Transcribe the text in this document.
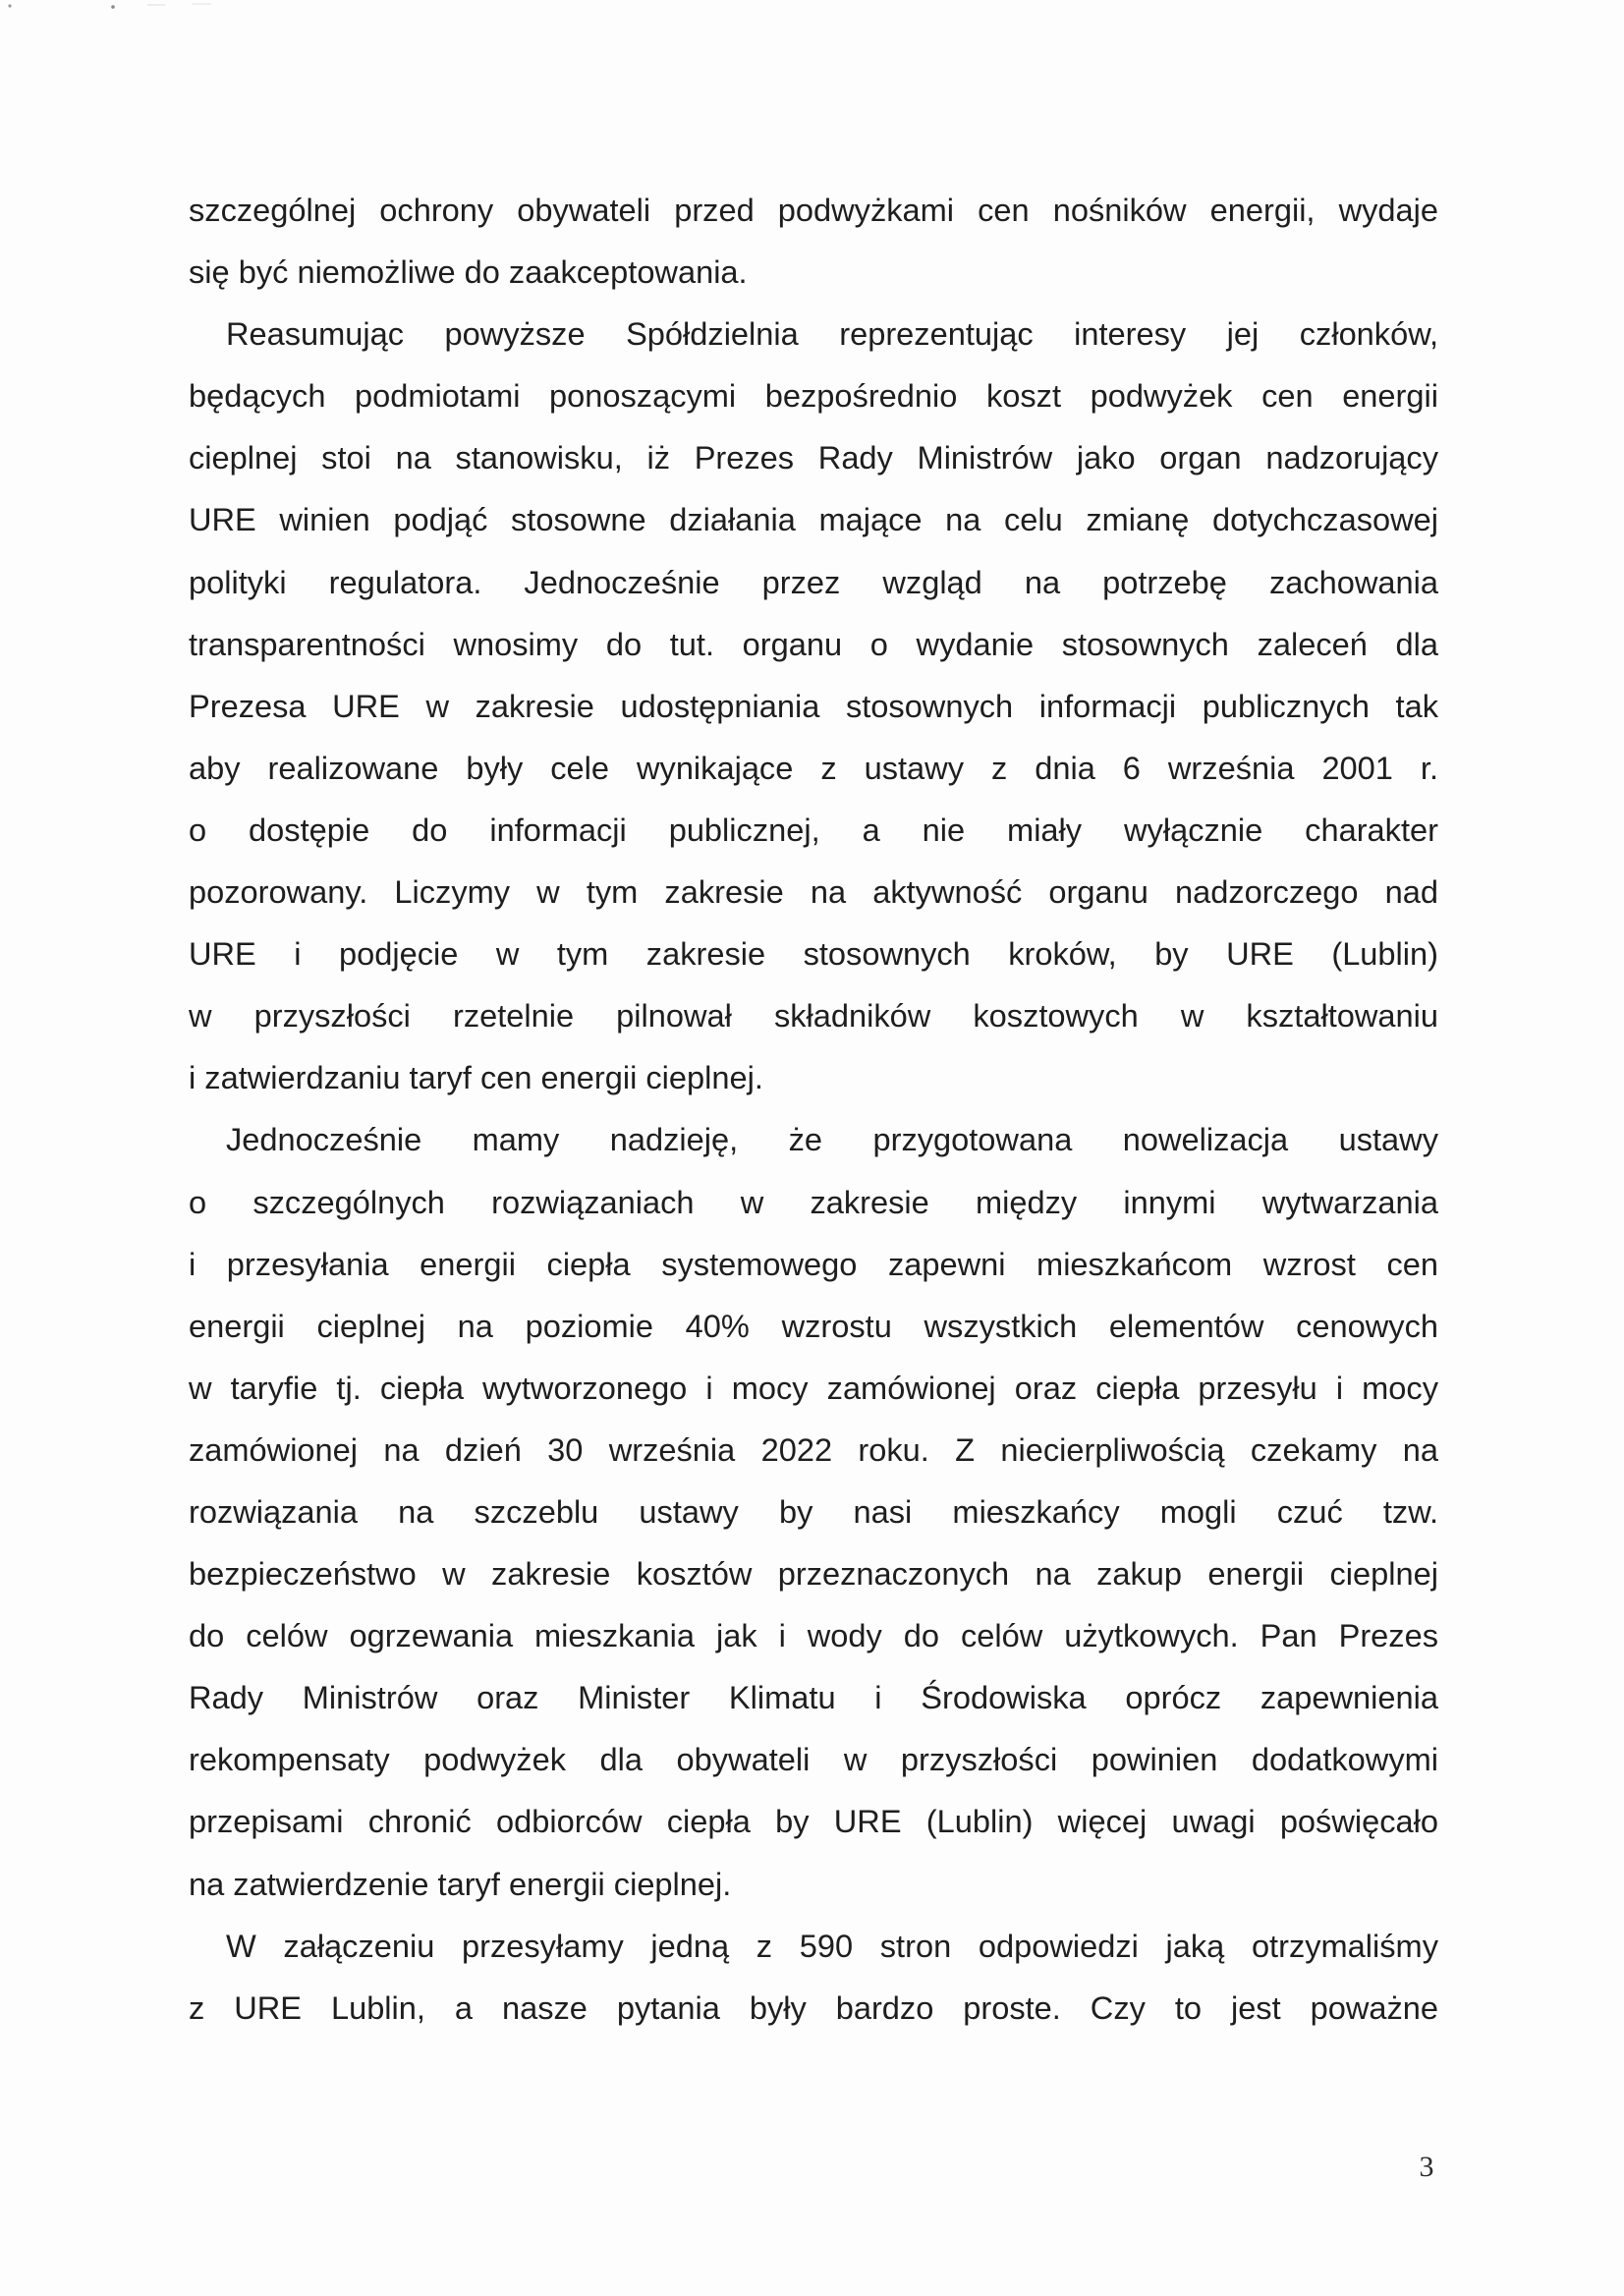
szczególnej ochrony obywateli przed podwyżkami cen nośników energii, wydaje
się być niemożliwe do zaakceptowania.
Reasumując powyższe Spółdzielnia reprezentując interesy jej członków,
będących podmiotami ponoszącymi bezpośrednio koszt podwyżek cen energii
cieplnej stoi na stanowisku, iż Prezes Rady Ministrów jako organ nadzorujący
URE winien podjąć stosowne działania mające na celu zmianę dotychczasowej
polityki regulatora. Jednocześnie przez wzgląd na potrzebę zachowania
transparentności wnosimy do tut. organu o wydanie stosownych zaleceń dla
Prezesa URE w zakresie udostępniania stosownych informacji publicznych tak
aby realizowane były cele wynikające z ustawy z dnia 6 września 2001 r.
o dostępie do informacji publicznej, a nie miały wyłącznie charakter
pozorowany. Liczymy w tym zakresie na aktywność organu nadzorczego nad
URE i podjęcie w tym zakresie stosownych kroków, by URE (Lublin)
w przyszłości rzetelnie pilnował składników kosztowych w kształtowaniu
i zatwierdzaniu taryf cen energii cieplnej.
Jednocześnie mamy nadzieję, że przygotowana nowelizacja ustawy
o szczególnych rozwiązaniach w zakresie między innymi wytwarzania
i przesyłania energii ciepła systemowego zapewni mieszkańcom wzrost cen
energii cieplnej na poziomie 40% wzrostu wszystkich elementów cenowych
w taryfie tj. ciepła wytworzonego i mocy zamówionej oraz ciepła przesyłu i mocy
zamówionej na dzień 30 września 2022 roku. Z niecierpliwością czekamy na
rozwiązania na szczeblu ustawy by nasi mieszkańcy mogli czuć tzw.
bezpieczeństwo w zakresie kosztów przeznaczonych na zakup energii cieplnej
do celów ogrzewania mieszkania jak i wody do celów użytkowych. Pan Prezes
Rady Ministrów oraz Minister Klimatu i Środowiska oprócz zapewnienia
rekompensaty podwyżek dla obywateli w przyszłości powinien dodatkowymi
przepisami chronić odbiorców ciepła by URE (Lublin) więcej uwagi poświęcało
na zatwierdzenie taryf energii cieplnej.
W załączeniu przesyłamy jedną z 590 stron odpowiedzi jaką otrzymaliśmy
z URE Lublin, a nasze pytania były bardzo proste. Czy to jest poważne
3
